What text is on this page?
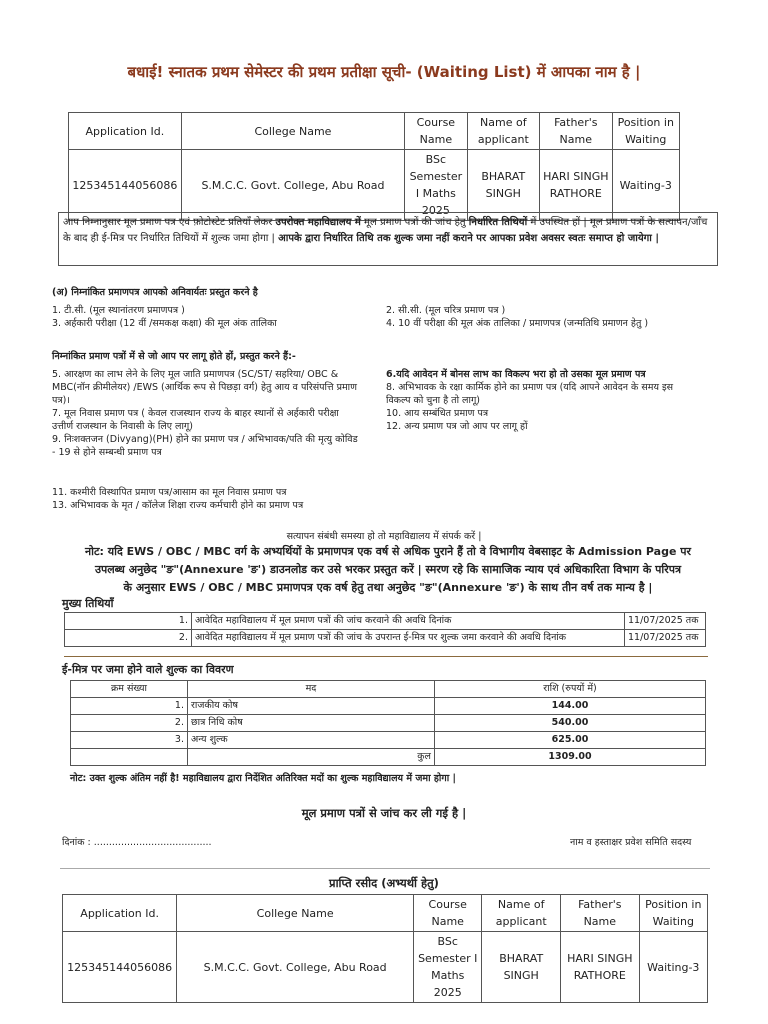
बधाई! स्नातक प्रथम सेमेस्टर की प्रथम प्रतीक्षा सूची- (Waiting List) में आपका नाम है |
Application Id.	College Name	Course Name	Name of applicant	Father's Name	Position in Waiting
125345144056086	S.M.C.C. Govt. College, Abu Road	BSc Semester I Maths 2025	BHARAT SINGH	HARI SINGH RATHORE	Waiting-3
आप निम्नानुसार मूल प्रमाण पत्र एवं फ़ोटोस्टेट प्रतियाँ लेकर उपरोक्त महाविद्यालय में मूल प्रमाण पत्रों की जांच हेतु निर्धारित तिथियों में उपस्थित हों | मूल प्रमाण पत्रों के सत्यापन/जाँच के बाद ही ई-मित्र पर निर्धारित तिथियों में शुल्क जमा होगा | आपके द्वारा निर्धारित तिथि तक शुल्क जमा नहीं कराने पर आपका प्रवेश अवसर स्वतः समाप्त हो जायेगा |
(अ) निम्नांकित प्रमाणपत्र आपको अनिवार्यतः प्रस्तुत करने है
1. टी.सी. (मूल स्थानांतरण प्रमाणपत्र )
3. अर्हकारी परीक्षा (12 वीं /समकक्ष कक्षा) की मूल अंक तालिका
2. सी.सी. (मूल चरित्र प्रमाण पत्र )
4. 10 वीं परीक्षा की मूल अंक तालिका / प्रमाणपत्र (जन्मतिथि प्रमाणन हेतु )
निम्नांकित प्रमाण पत्रों में से जो आप पर लागू होते हों, प्रस्तुत करने हैं:-
5. आरक्षण का लाभ लेने के लिए मूल जाति प्रमाणपत्र (SC/ST/ सहरिया/ OBC &
MBC(नॉन क्रीमीलेयर) /EWS (आर्थिक रूप से पिछड़ा वर्ग) हेतु आय व परिसंपत्ति प्रमाण
पत्र)।
7. मूल निवास प्रमाण पत्र ( केवल राजस्थान राज्य के बाहर स्थानों से अर्हकारी परीक्षा
उत्तीर्ण राजस्थान के निवासी के लिए लागू)
9. निःशक्तजन (Divyang)(PH) होने का प्रमाण पत्र / अभिभावक/पति की मृत्यु कोविड
- 19 से होने सम्बन्धी प्रमाण पत्र
6.यदि आवेदन में बोनस लाभ का विकल्प भरा हो तो उसका मूल प्रमाण पत्र
8. अभिभावक के रक्षा कार्मिक होने का प्रमाण पत्र (यदि आपने आवेदन के समय इस
विकल्प को चुना है तो लागू)
10. आय सम्बंधित प्रमाण पत्र
12. अन्य प्रमाण पत्र जो आप पर लागू हों
11. कश्मीरी विस्थापित प्रमाण पत्र/आसाम का मूल निवास प्रमाण पत्र
13. अभिभावक के मृत / कॉलेज शिक्षा राज्य कर्मचारी होने का प्रमाण पत्र
सत्यापन संबंधी समस्या हो तो महाविद्यालय में संपर्क करें |
नोट: यदि EWS / OBC / MBC वर्ग के अभ्यर्थियों के प्रमाणपत्र एक वर्ष से अधिक पुराने हैं तो वे विभागीय वेबसाइट के Admission Page पर
उपलब्ध अनुछेद "ङ"(Annexure 'ङ') डाउनलोड कर उसे भरकर प्रस्तुत करें | स्मरण रहे कि सामाजिक न्याय एवं अधिकारिता विभाग के परिपत्र
के अनुसार EWS / OBC / MBC प्रमाणपत्र एक वर्ष हेतु तथा अनुछेद "ङ"(Annexure 'ङ') के साथ तीन वर्ष तक मान्य है |
मुख्य तिथियाँ
1.	आवेदित महाविद्यालय में मूल प्रमाण पत्रों की जांच करवाने की अवधि दिनांक	11/07/2025 तक
2.	आवेदित महाविद्यालय में मूल प्रमाण पत्रों की जांच के उपरान्त ई-मित्र पर शुल्क जमा करवाने की अवधि दिनांक	11/07/2025 तक
ई-मित्र पर जमा होने वाले शुल्क का विवरण
क्रम संख्या	मद	राशि (रुपयों में)
1.	राजकीय कोष	144.00
2.	छात्र निधि कोष	540.00
3.	अन्य शुल्क	625.00
	कुल	1309.00
नोट: उक्त शुल्क अंतिम नहीं है! महाविद्यालय द्वारा निर्देशित अतिरिक्त मदों का शुल्क महाविद्यालय में जमा होगा |
मूल प्रमाण पत्रों से जांच कर ली गई है |
दिनांक : .......................................	नाम व हस्ताक्षर प्रवेश समिति सदस्य
प्राप्ति रसीद (अभ्यर्थी हेतु)
Application Id.	College Name	Course Name	Name of applicant	Father's Name	Position in Waiting
125345144056086	S.M.C.C. Govt. College, Abu Road	BSc Semester I Maths 2025	BHARAT SINGH	HARI SINGH RATHORE	Waiting-3
